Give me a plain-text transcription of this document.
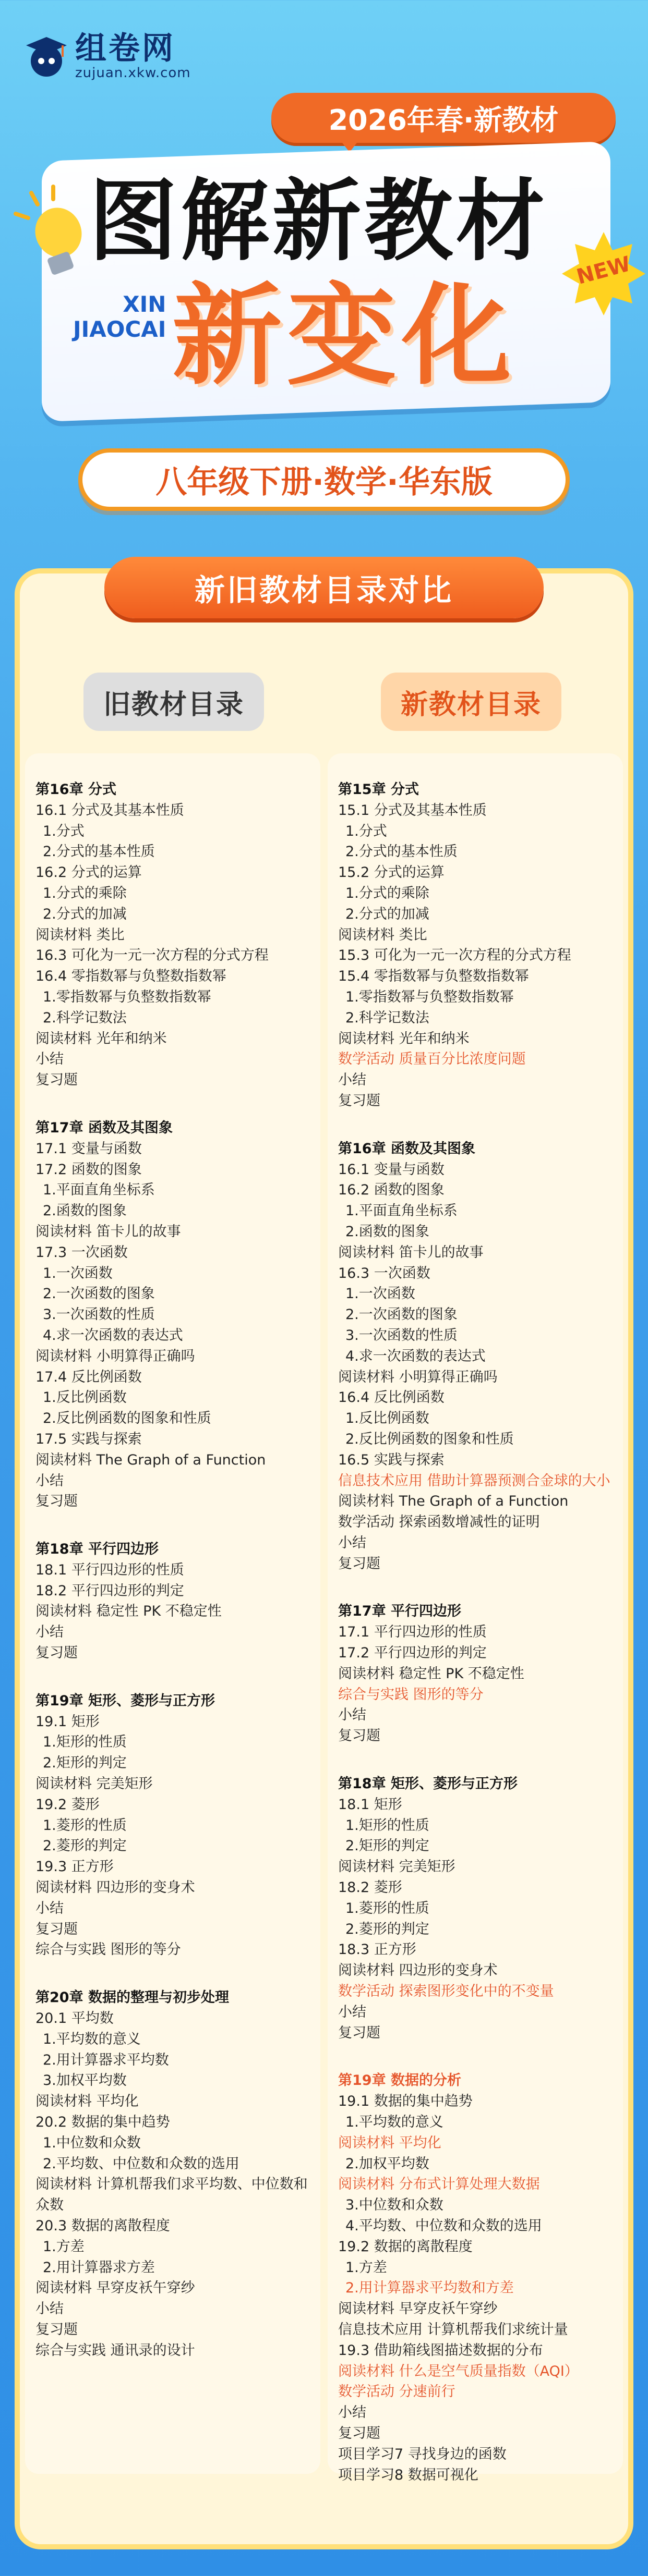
组卷网
zujuan.xkw.com
2026年春·新教材
图解新教材
XIN
JIAOCAI 新变化
NEW
八年级下册·数学·华东版
新旧教材目录对比
旧教材目录	新教材目录
第16章 分式
16.1 分式及其基本性质
1.分式
2.分式的基本性质
16.2 分式的运算
1.分式的乘除
2.分式的加减
阅读材料 类比
16.3 可化为一元一次方程的分式方程
16.4 零指数幂与负整数指数幂
1.零指数幂与负整数指数幂
2.科学记数法
阅读材料 光年和纳米
小结
复习题
第17章 函数及其图象
17.1 变量与函数
17.2 函数的图象
1.平面直角坐标系
2.函数的图象
阅读材料 笛卡儿的故事
17.3 一次函数
1.一次函数
2.一次函数的图象
3.一次函数的性质
4.求一次函数的表达式
阅读材料 小明算得正确吗
17.4 反比例函数
1.反比例函数
2.反比例函数的图象和性质
17.5 实践与探索
阅读材料 The Graph of a Function
小结
复习题
第18章 平行四边形
18.1 平行四边形的性质
18.2 平行四边形的判定
阅读材料 稳定性 PK 不稳定性
小结
复习题
第19章 矩形、菱形与正方形
19.1 矩形
1.矩形的性质
2.矩形的判定
阅读材料 完美矩形
19.2 菱形
1.菱形的性质
2.菱形的判定
19.3 正方形
阅读材料 四边形的变身术
小结
复习题
综合与实践 图形的等分
第20章 数据的整理与初步处理
20.1 平均数
1.平均数的意义
2.用计算器求平均数
3.加权平均数
阅读材料 平均化
20.2 数据的集中趋势
1.中位数和众数
2.平均数、中位数和众数的选用
阅读材料 计算机帮我们求平均数、中位数和众数
20.3 数据的离散程度
1.方差
2.用计算器求方差
阅读材料 早穿皮袄午穿纱
小结
复习题
综合与实践 通讯录的设计
第15章 分式
15.1 分式及其基本性质
1.分式
2.分式的基本性质
15.2 分式的运算
1.分式的乘除
2.分式的加减
阅读材料 类比
15.3 可化为一元一次方程的分式方程
15.4 零指数幂与负整数指数幂
1.零指数幂与负整数指数幂
2.科学记数法
阅读材料 光年和纳米
数学活动 质量百分比浓度问题
小结
复习题
第16章 函数及其图象
16.1 变量与函数
16.2 函数的图象
1.平面直角坐标系
2.函数的图象
阅读材料 笛卡儿的故事
16.3 一次函数
1.一次函数
2.一次函数的图象
3.一次函数的性质
4.求一次函数的表达式
阅读材料 小明算得正确吗
16.4 反比例函数
1.反比例函数
2.反比例函数的图象和性质
16.5 实践与探索
信息技术应用 借助计算器预测合金球的大小
阅读材料 The Graph of a Function
数学活动 探索函数增减性的证明
小结
复习题
第17章 平行四边形
17.1 平行四边形的性质
17.2 平行四边形的判定
阅读材料 稳定性 PK 不稳定性
综合与实践 图形的等分
小结
复习题
第18章 矩形、菱形与正方形
18.1 矩形
1.矩形的性质
2.矩形的判定
阅读材料 完美矩形
18.2 菱形
1.菱形的性质
2.菱形的判定
18.3 正方形
阅读材料 四边形的变身术
数学活动 探索图形变化中的不变量
小结
复习题
第19章 数据的分析
19.1 数据的集中趋势
1.平均数的意义
阅读材料 平均化
2.加权平均数
阅读材料 分布式计算处理大数据
3.中位数和众数
4.平均数、中位数和众数的选用
19.2 数据的离散程度
1.方差
2.用计算器求平均数和方差
阅读材料 早穿皮袄午穿纱
信息技术应用 计算机帮我们求统计量
19.3 借助箱线图描述数据的分布
阅读材料 什么是空气质量指数（AQI）
数学活动 分速前行
小结
复习题
项目学习7 寻找身边的函数
项目学习8 数据可视化
